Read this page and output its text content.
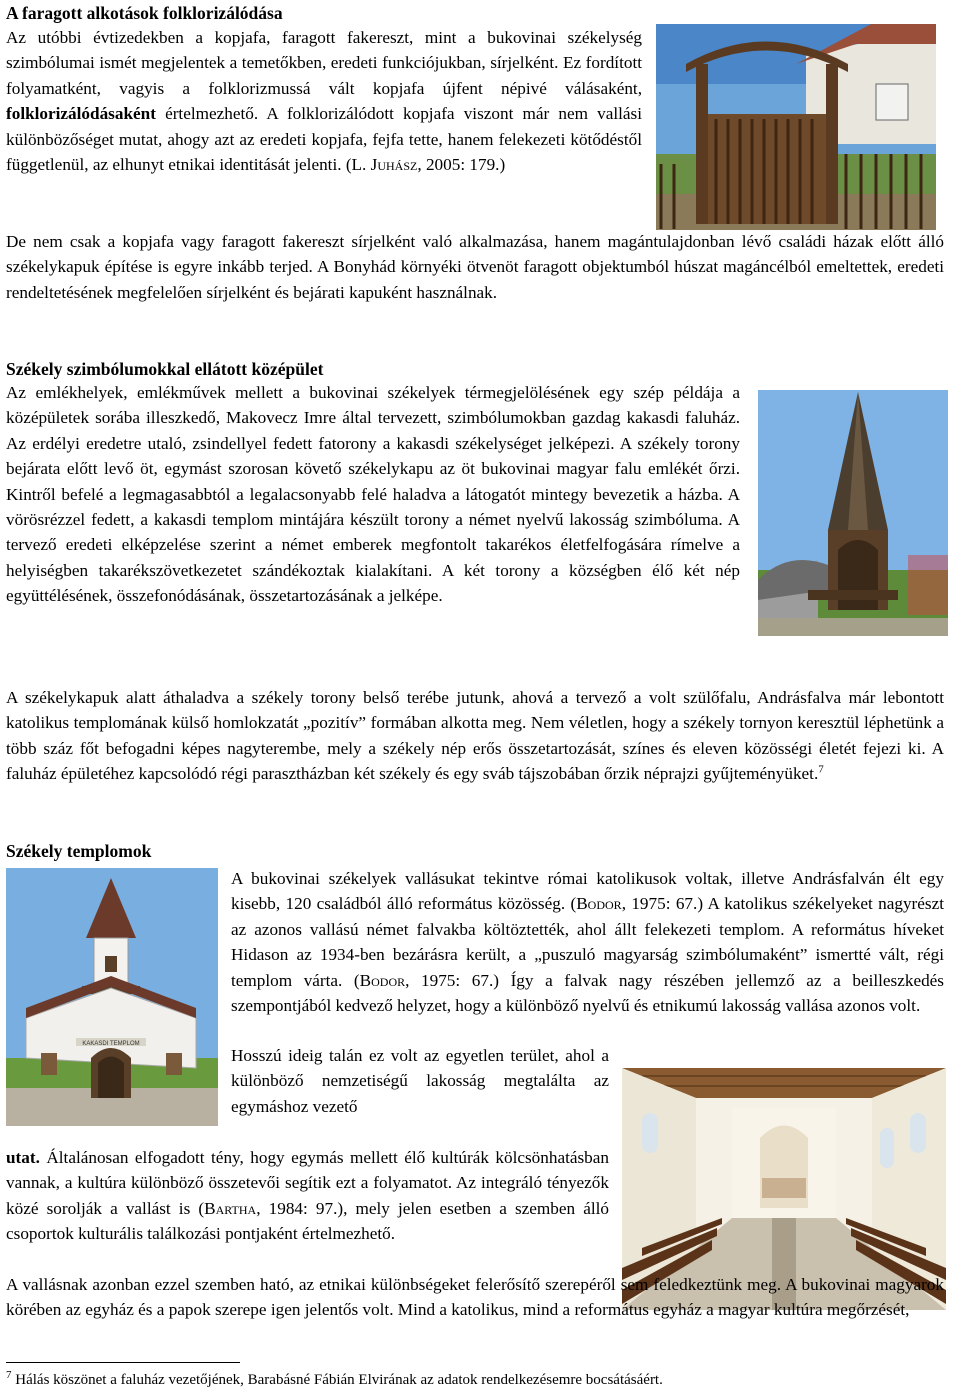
A faragott alkotások folklorizálódása

Az utóbbi évtizedekben a kopjafa, faragott fakereszt, mint a bukovinai székelység szimbólumai ismét megjelentek a temetőkben, eredeti funkciójukban, sírjelként. Ez fordított folyamatként, vagyis a folklorizmussá vált kopjafa újfent népivé válásaként, folklorizálódásaként értelmezhető. A folklorizálódott kopjafa viszont már nem vallási különbözőséget mutat, ahogy azt az eredeti kopjafa, fejfa tette, hanem felekezeti kötődéstől függetlenül, az elhunyt etnikai identitását jelenti. (L. Juhász, 2005: 179.)

De nem csak a kopjafa vagy faragott fakereszt sírjelként való alkalmazása, hanem magántulajdonban lévő családi házak előtt álló székelykapuk építése is egyre inkább terjed. A Bonyhád környéki ötvenöt faragott objektumból húszat magáncélból emeltettek, eredeti rendeltetésének megfelelően sírjelként és bejárati kapuként használnak.

Székely szimbólumokkal ellátott középület

Az emlékhelyek, emlékművek mellett a bukovinai székelyek térmegjelölésének egy szép példája a középületek sorába illeszkedő, Makovecz Imre által tervezett, szimbólumokban gazdag kakasdi faluház. Az erdélyi eredetre utaló, zsindellyel fedett fatorony a kakasdi székelységet jelképezi. A székely torony bejárata előtt levő öt, egymást szorosan követő székelykapu az öt bukovinai magyar falu emlékét őrzi. Kintről befelé a legmagasabbtól a legalacsonyabb felé haladva a látogatót mintegy bevezetik a házba. A vörösrézzel fedett, a kakasdi templom mintájára készült torony a német nyelvű lakosság szimbóluma. A tervező eredeti elképzelése szerint a német emberek megfontolt takarékos életfelfogására rímelve a helyiségben takarékszövetkezetet szándékoztak kialakítani. A két torony a községben élő két nép együttélésének, összefonódásának, összetartozásának a jelképe.

A székelykapuk alatt áthaladva a székely torony belső terébe jutunk, ahová a tervező a volt szülőfalu, Andrásfalva már lebontott katolikus templomának külső homlokzatát „pozitív” formában alkotta meg. Nem véletlen, hogy a székely tornyon keresztül léphetünk a több száz főt befogadni képes nagyterembe, mely a székely nép erős összetartozását, színes és eleven közösségi életét fejezi ki. A faluház épületéhez kapcsolódó régi parasztházban két székely és egy sváb tájszobában őrzik néprajzi gyűjteményüket.$^7$

Székely templomok
KAKASDI TEMPLOM

A bukovinai székelyek vallásukat tekintve római katolikusok voltak, illetve Andrásfalván élt egy kisebb, 120 családból álló református közösség. (Bodor, 1975: 67.) A katolikus székelyeket nagyrészt az azonos vallású német falvakba költöztették, ahol állt felekezeti templom. A református híveket Hidason az 1934-ben bezárásra került, a „puszuló magyarság szimbólumaként” ismertté vált, régi templom várta. (Bodor, 1975: 67.) Így a falvak nagy részében jellemző az a beilleszkedés szempontjából kedvező helyzet, hogy a különböző nyelvű és etnikumú lakosság vallása azonos volt.

Hosszú ideig talán ez volt az egyetlen terület, ahol a különböző nemzetiségű lakosság megtalálta az egymáshoz vezető

utat. Általánosan elfogadott tény, hogy egymás mellett élő kultúrák kölcsönhatásban vannak, a kultúra különböző összetevői segítik ezt a folyamatot. Az integráló tényezők közé sorolják a vallást is (Bartha, 1984: 97.), mely jelen esetben a szemben álló csoportok kulturális találkozási pontjaként értelmezhető.

A vallásnak azonban ezzel szemben ható, az etnikai különbségeket felerősítő szerepéről sem feledkeztünk meg. A bukovinai magyarok körében az egyház és a papok szerepe igen jelentős volt. Mind a katolikus, mind a református egyház a magyar kultúra megőrzését,

$^7$ Hálás köszönet a faluház vezetőjének, Barabásné Fábián Elvirának az adatok rendelkezésemre bocsátásáért.
